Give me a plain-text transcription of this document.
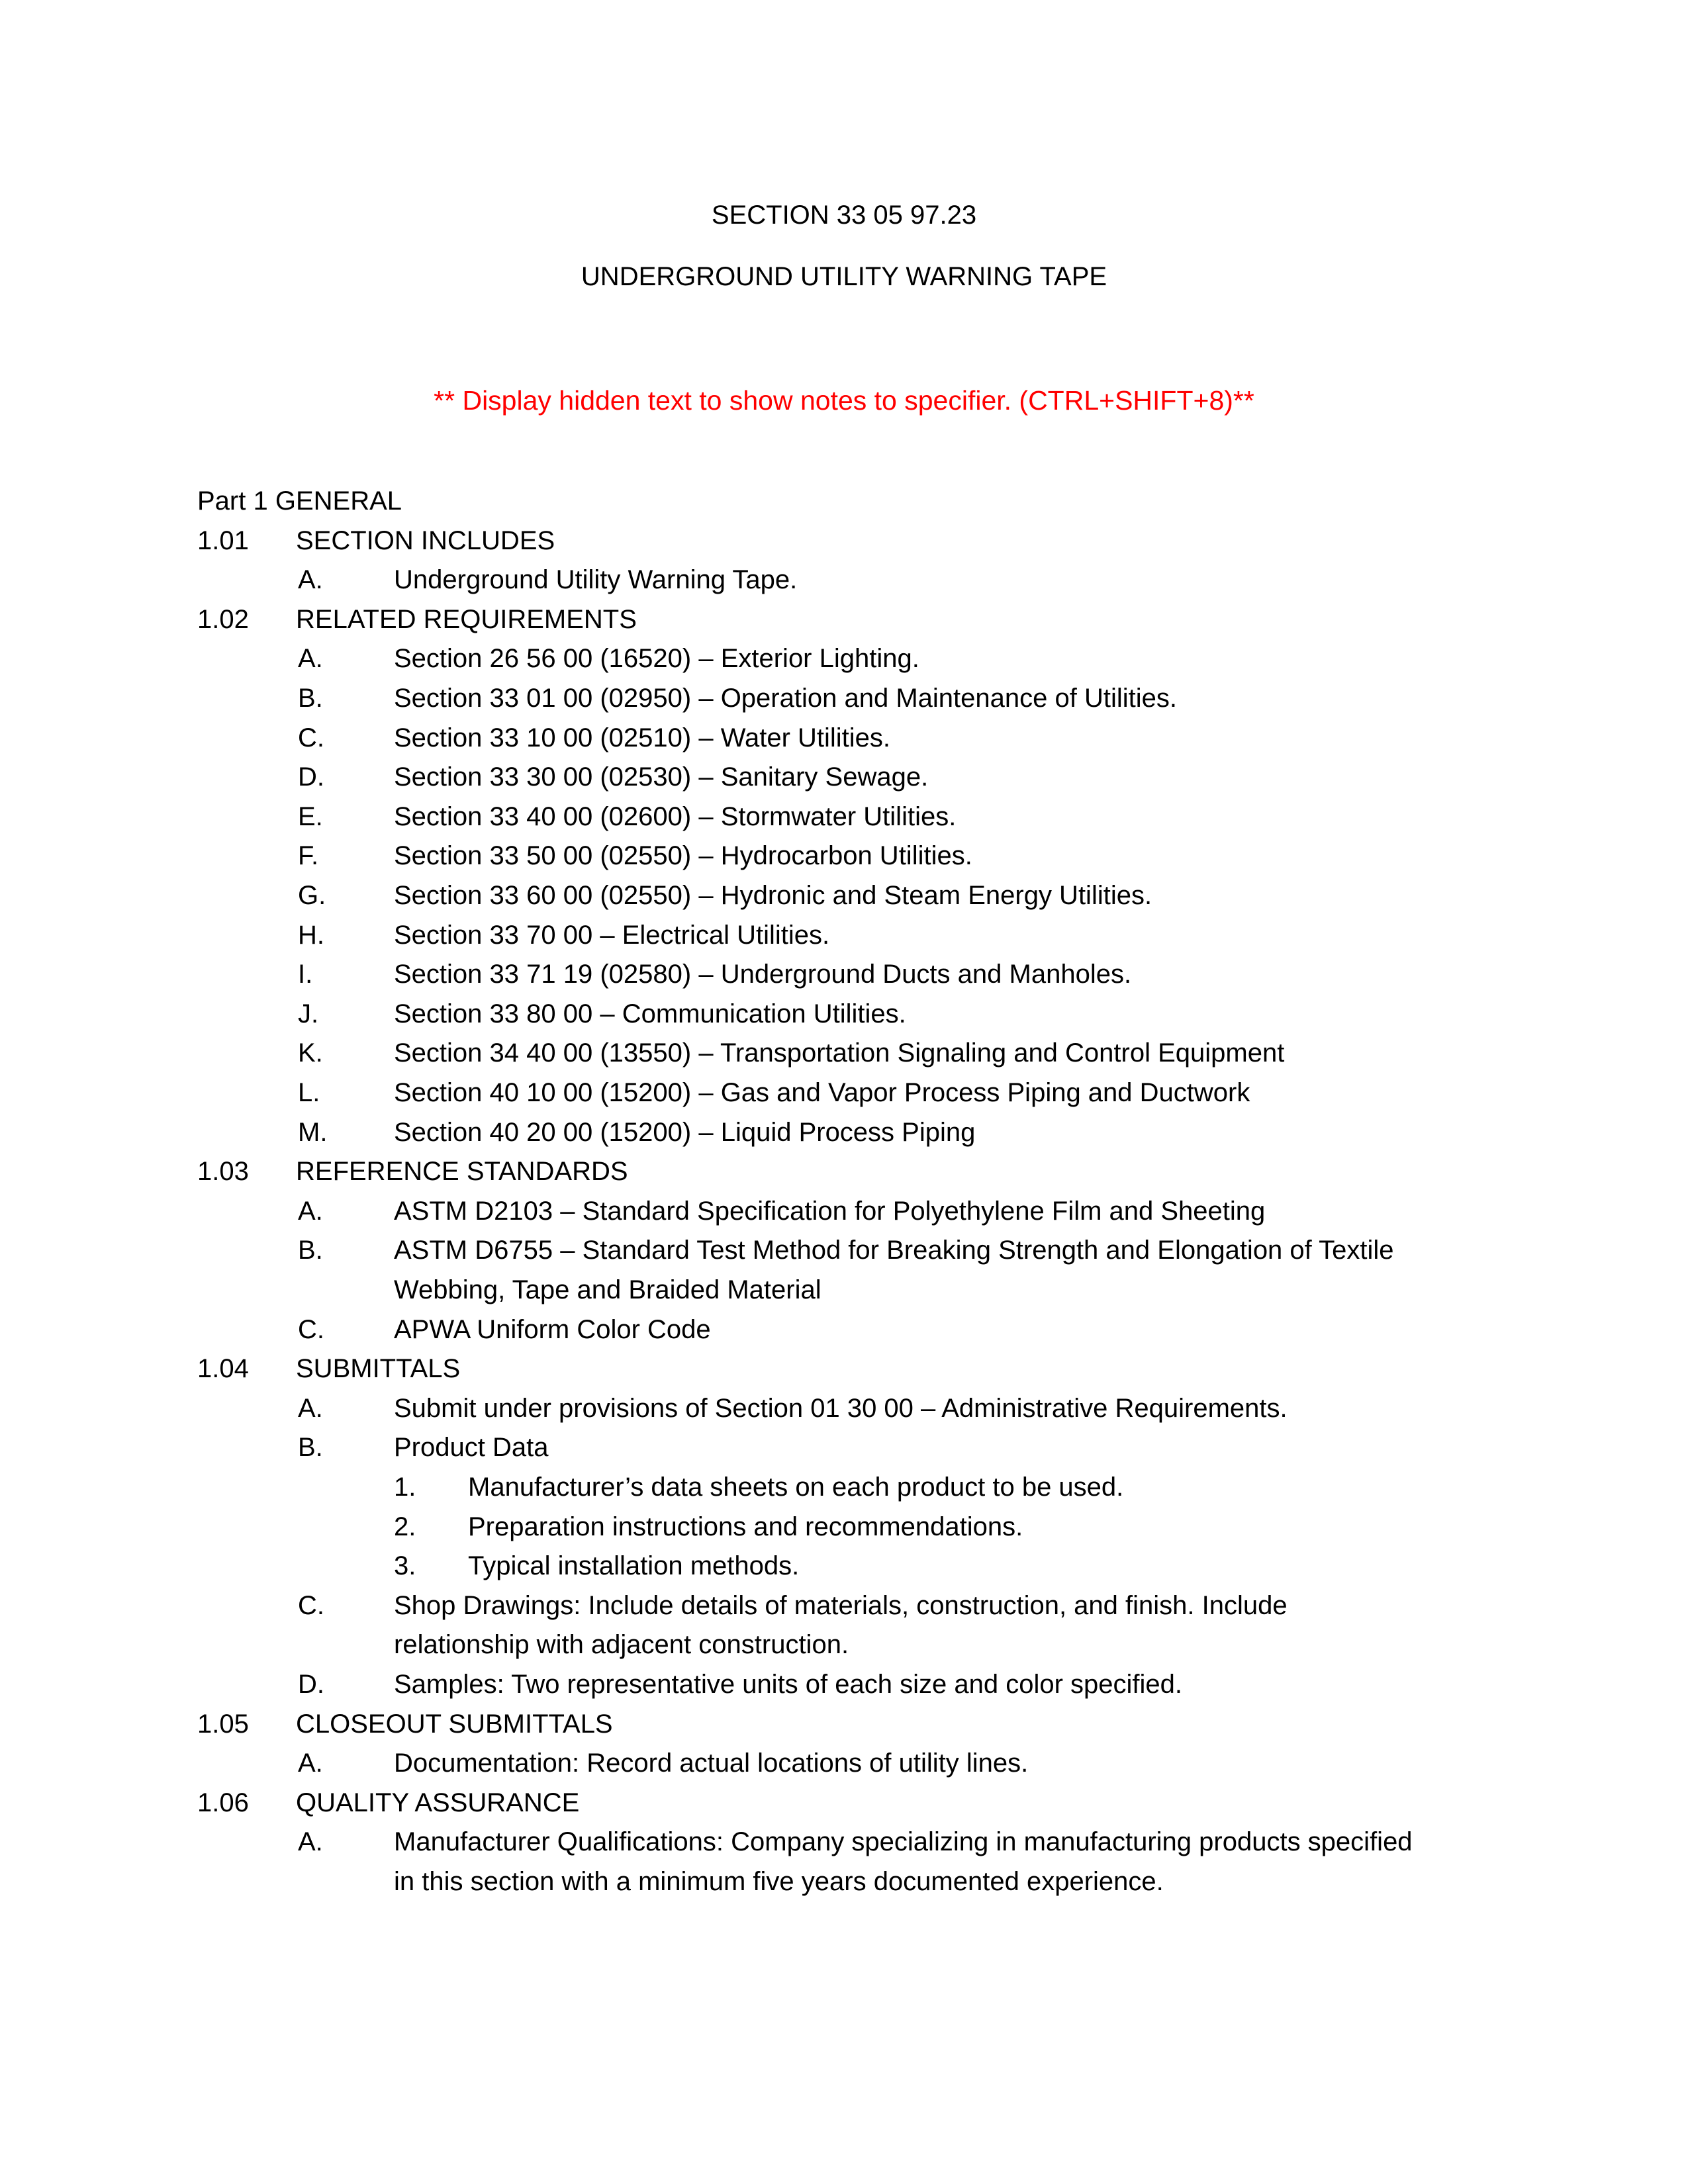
SECTION 33 05 97.23
UNDERGROUND UTILITY WARNING TAPE
** Display hidden text to show notes to specifier. (CTRL+SHIFT+8)**
Part 1 GENERAL
1.01 SECTION INCLUDES
A.	Underground Utility Warning Tape.
1.02 RELATED REQUIREMENTS
A.	Section 26 56 00 (16520) – Exterior Lighting.
B.	Section 33 01 00 (02950) – Operation and Maintenance of Utilities.
C.	Section 33 10 00 (02510) – Water Utilities.
D.	Section 33 30 00 (02530) – Sanitary Sewage.
E.	Section 33 40 00 (02600) – Stormwater Utilities.
F.	Section 33 50 00 (02550) – Hydrocarbon Utilities.
G.	Section 33 60 00 (02550) – Hydronic and Steam Energy Utilities.
H.	Section 33 70 00 – Electrical Utilities.
I.	Section 33 71 19 (02580) – Underground Ducts and Manholes.
J.	Section 33 80 00 – Communication Utilities.
K.	Section 34 40 00 (13550) – Transportation Signaling and Control Equipment
L.	Section 40 10 00 (15200) – Gas and Vapor Process Piping and Ductwork
M.	Section 40 20 00 (15200) – Liquid Process Piping
1.03 REFERENCE STANDARDS
A.	ASTM D2103 – Standard Specification for Polyethylene Film and Sheeting
B.	ASTM D6755 – Standard Test Method for Breaking Strength and Elongation of Textile
Webbing, Tape and Braided Material
C.	APWA Uniform Color Code
1.04 SUBMITTALS
A.	Submit under provisions of Section 01 30 00 – Administrative Requirements.
B.	Product Data
1. Manufacturer’s data sheets on each product to be used.
2. Preparation instructions and recommendations.
3. Typical installation methods.
C.	Shop Drawings: Include details of materials, construction, and finish. Include
relationship with adjacent construction.
D.	Samples: Two representative units of each size and color specified.
1.05 CLOSEOUT SUBMITTALS
A.	Documentation: Record actual locations of utility lines.
1.06 QUALITY ASSURANCE
A.	Manufacturer Qualifications: Company specializing in manufacturing products specified
in this section with a minimum five years documented experience.
